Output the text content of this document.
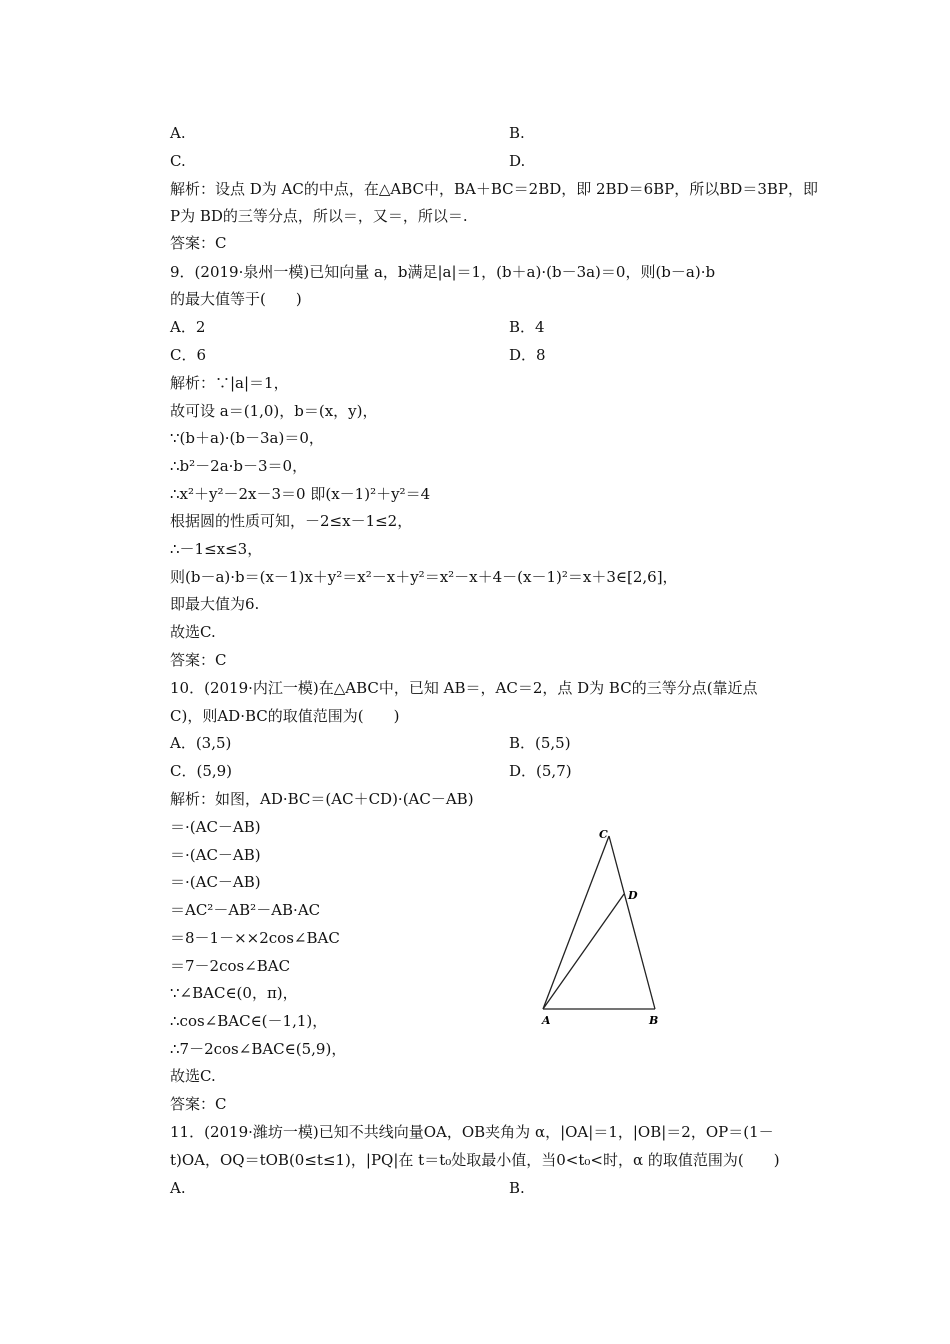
A.	B.
C.	D.
解析：设点 D为 AC的中点，在△ABC中，BA＋BC＝2BD，即 2BD＝6BP，所以BD＝3BP，即
P为 BD的三等分点，所以＝，又＝，所以＝.
答案：C
9．(2019·泉州一模)已知向量 a，b满足|a|＝1，(b＋a)·(b－3a)＝0，则(b－a)·b
的最大值等于(　　)
A．2	B．4
C．6	D．8
解析：∵|a|＝1，
故可设 a＝(1,0)，b＝(x，y)，
∵(b＋a)·(b－3a)＝0，
∴b²－2a·b－3＝0，
∴x²＋y²－2x－3＝0 即(x－1)²＋y²＝4
根据圆的性质可知，－2≤x－1≤2，
∴－1≤x≤3，
则(b－a)·b＝(x－1)x＋y²＝x²－x＋y²＝x²－x＋4－(x－1)²＝x＋3∈[2,6]，
即最大值为6.
故选C.
答案：C
10．(2019·内江一模)在△ABC中，已知 AB＝，AC＝2，点 D为 BC的三等分点(靠近点
C)，则AD·BC的取值范围为(　　)
A．(3,5)	B．(5,5)
C．(5,9)	D．(5,7)
解析：如图，AD·BC＝(AC＋CD)·(AC－AB)
＝·(AC－AB)
＝·(AC－AB)
＝·(AC－AB)
＝AC²－AB²－AB·AC
＝8－1－××2cos∠BAC
＝7－2cos∠BAC
∵∠BAC∈(0，π)，
∴cos∠BAC∈(－1,1)，
∴7－2cos∠BAC∈(5,9)，
故选C.
答案：C
C
D
A	B
11．(2019·潍坊一模)已知不共线向量OA，OB夹角为 α，|OA|＝1，|OB|＝2，OP＝(1－
t)OA，OQ＝tOB(0≤t≤1)，|PQ|在 t＝t₀处取最小值，当0<t₀<时，α 的取值范围为(　　)
A.	B.
